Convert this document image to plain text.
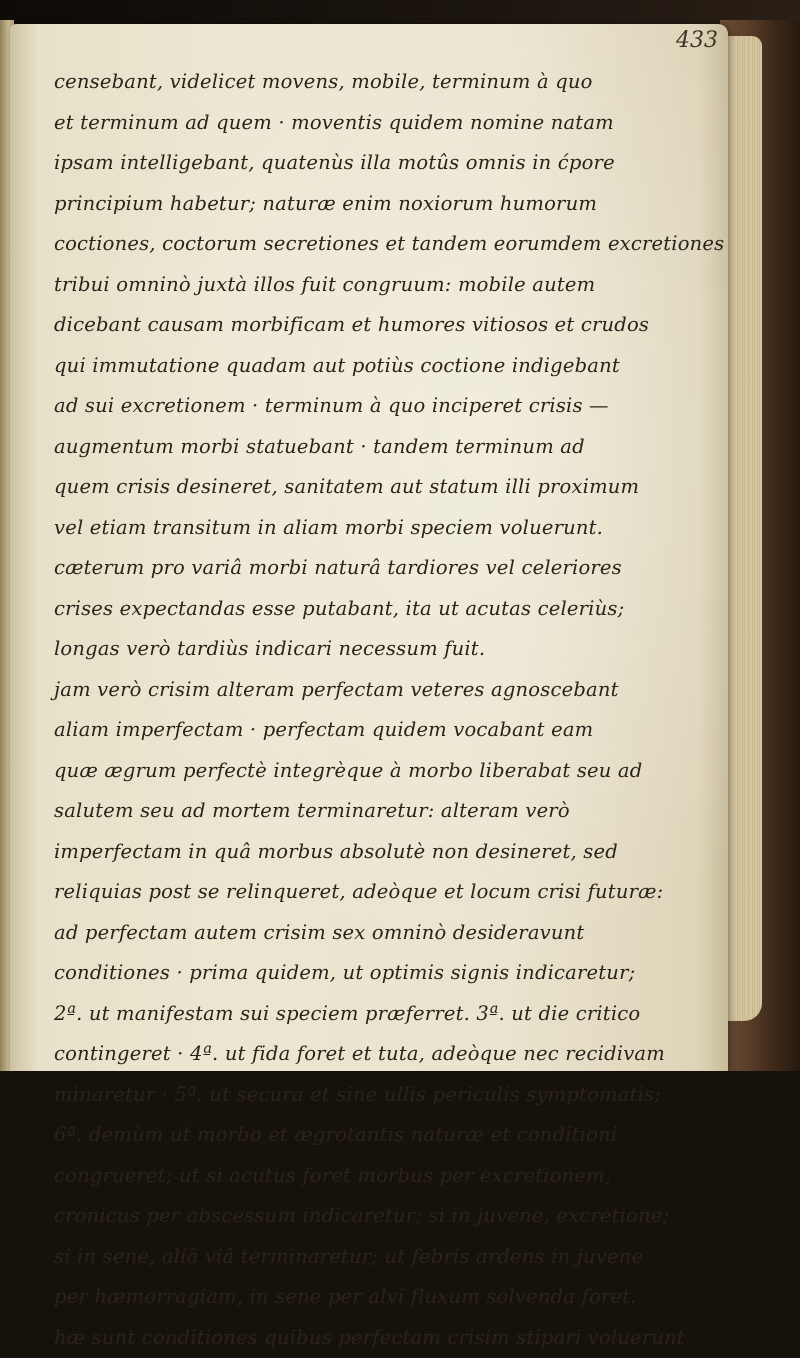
433

censebant, videlicet movens, mobile, terminum à quo
et terminum ad quem · moventis quidem nomine natam
ipsam intelligebant, quatenùs illa motûs omnis in ćpore
principium habetur; naturæ enim noxiorum humorum
coctiones, coctorum secretiones et tandem eorumdem excretiones
tribui omninò juxtà illos fuit congruum: mobile autem
dicebant causam morbificam et humores vitiosos et crudos
qui immutatione quadam aut potiùs coctione indigebant
ad sui excretionem · terminum à quo inciperet crisis —
augmentum morbi statuebant · tandem terminum ad
quem crisis desineret, sanitatem aut statum illi proximum
vel etiam transitum in aliam morbi speciem voluerunt.
cæterum pro variâ morbi naturâ tardiores vel celeriores
crises expectandas esse putabant, ita ut acutas celeriùs;
longas verò tardiùs indicari necessum fuit.
jam verò crisim alteram perfectam veteres agnoscebant
aliam imperfectam · perfectam quidem vocabant eam
quæ ægrum perfectè integrèque à morbo liberabat seu ad
salutem seu ad mortem terminaretur: alteram verò
imperfectam in quâ morbus absolutè non desineret, sed
reliquias post se relinqueret, adeòque et locum crisi futuræ:
ad perfectam autem crisim sex omninò desideravunt
conditiones · prima quidem, ut optimis signis indicaretur;
2ª. ut manifestam sui speciem præferret. 3ª. ut die critico
contingeret · 4ª. ut fida foret et tuta, adeòque nec recidivam
minaretur · 5ª. ut secura et sine ullis periculis symptomatis;
6ª. demùm ut morbo et ægrotantis naturæ et conditioni
congrueret; ut si acutus foret morbus per excretionem,
cronicus per abscessum indicaretur; si in juvene, excretione;
si in sene, aliâ viâ terminaretur; ut febris ardens in juvene
per hæmorragiam, in sene per alvi fluxum solvenda foret.
hæ sunt conditiones quibus perfectam crisim stipari voluerunt
